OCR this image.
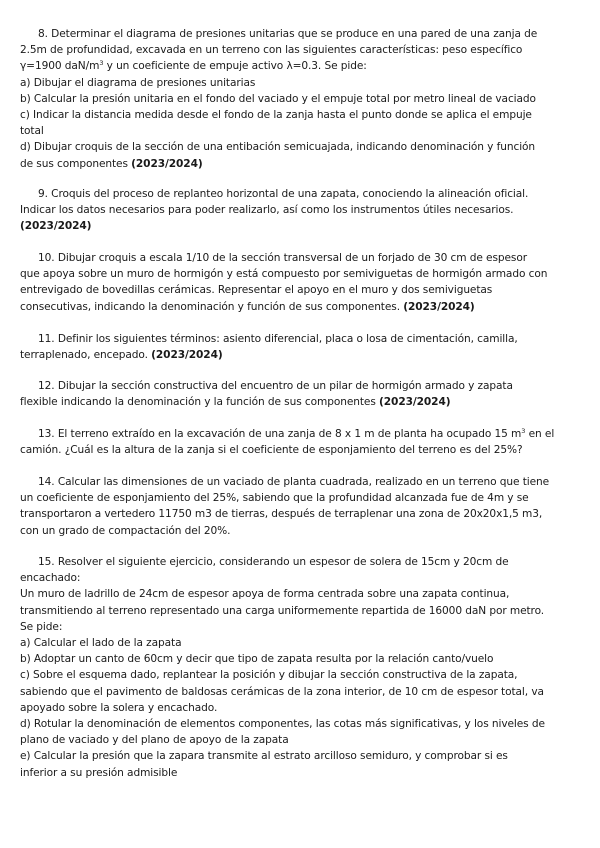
8. Determinar el diagrama de presiones unitarias que se produce en una pared de una zanja de
2.5m de profundidad, excavada en un terreno con las siguientes características: peso específico
γ=1900 daN/$m^3$ y un coeficiente de empuje activo λ=0.3. Se pide:
a) Dibujar el diagrama de presiones unitarias
b) Calcular la presión unitaria en el fondo del vaciado y el empuje total por metro lineal de vaciado
c) Indicar la distancia medida desde el fondo de la zanja hasta el punto donde se aplica el empuje
total
d) Dibujar croquis de la sección de una entibación semicuajada, indicando denominación y función
de sus componentes (2023/2024)
9. Croquis del proceso de replanteo horizontal de una zapata, conociendo la alineación oficial.
Indicar los datos necesarios para poder realizarlo, así como los instrumentos útiles necesarios.
(2023/2024)
10. Dibujar croquis a escala 1/10 de la sección transversal de un forjado de 30 cm de espesor
que apoya sobre un muro de hormigón y está compuesto por semiviguetas de hormigón armado con
entrevigado de bovedillas cerámicas. Representar el apoyo en el muro y dos semiviguetas
consecutivas, indicando la denominación y función de sus componentes. (2023/2024)
11. Definir los siguientes términos: asiento diferencial, placa o losa de cimentación, camilla,
terraplenado, encepado. (2023/2024)
12. Dibujar la sección constructiva del encuentro de un pilar de hormigón armado y zapata
flexible indicando la denominación y la función de sus componentes (2023/2024)
13. El terreno extraído en la excavación de una zanja de 8 x 1 m de planta ha ocupado 15 $m^3$ en el
camión. ¿Cuál es la altura de la zanja si el coeficiente de esponjamiento del terreno es del 25%?
14. Calcular las dimensiones de un vaciado de planta cuadrada, realizado en un terreno que tiene
un coeficiente de esponjamiento del 25%, sabiendo que la profundidad alcanzada fue de 4m y se
transportaron a vertedero 11750 m3 de tierras, después de terraplenar una zona de 20x20x1,5 m3,
con un grado de compactación del 20%.
15. Resolver el siguiente ejercicio, considerando un espesor de solera de 15cm y 20cm de
encachado:
Un muro de ladrillo de 24cm de espesor apoya de forma centrada sobre una zapata continua,
transmitiendo al terreno representado una carga uniformemente repartida de 16000 daN por metro.
Se pide:
a) Calcular el lado de la zapata
b) Adoptar un canto de 60cm y decir que tipo de zapata resulta por la relación canto/vuelo
c) Sobre el esquema dado, replantear la posición y dibujar la sección constructiva de la zapata,
sabiendo que el pavimento de baldosas cerámicas de la zona interior, de 10 cm de espesor total, va
apoyado sobre la solera y encachado.
d) Rotular la denominación de elementos componentes, las cotas más significativas, y los niveles de
plano de vaciado y del plano de apoyo de la zapata
e) Calcular la presión que la zapara transmite al estrato arcilloso semiduro, y comprobar si es
inferior a su presión admisible
